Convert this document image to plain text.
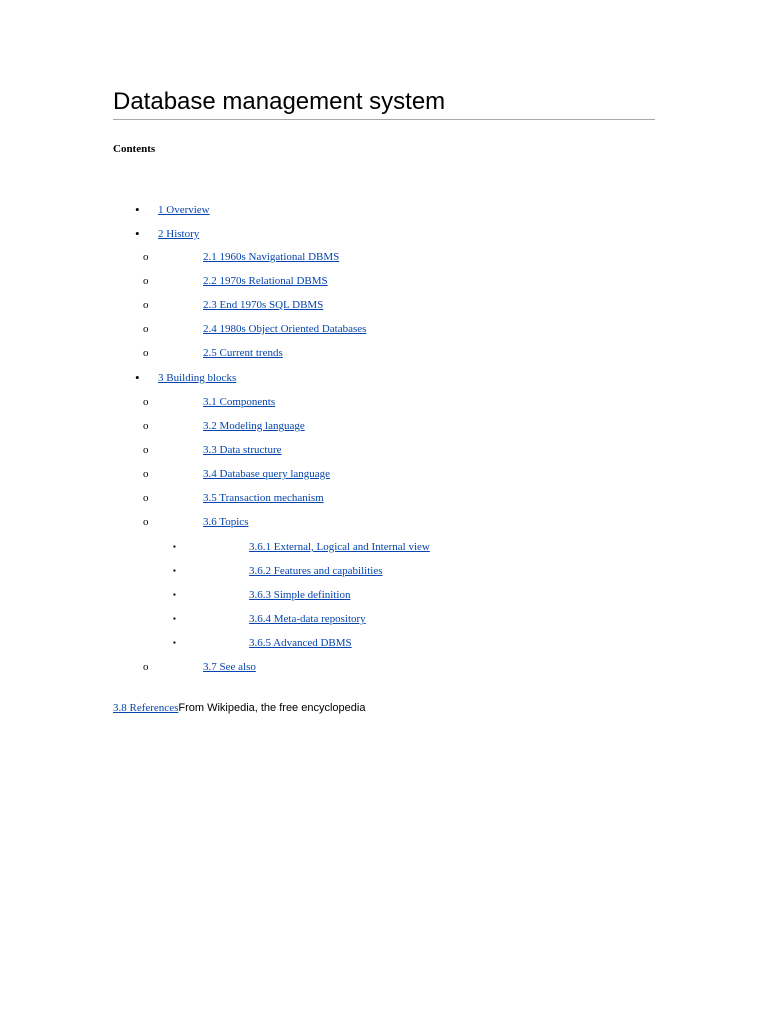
Database management system
Contents
• 1 Overview
• 2 History
o	2.1 1960s Navigational DBMS
o	2.2 1970s Relational DBMS
o	2.3 End 1970s SQL DBMS
o	2.4 1980s Object Oriented Databases
o	2.5 Current trends
• 3 Building blocks
o	3.1 Components
o	3.2 Modeling language
o	3.3 Data structure
o	3.4 Database query language
o	3.5 Transaction mechanism
o	3.6 Topics
▪	3.6.1 External, Logical and Internal view
▪	3.6.2 Features and capabilities
▪	3.6.3 Simple definition
▪	3.6.4 Meta-data repository
▪	3.6.5 Advanced DBMS
o	3.7 See also
3.8 ReferencesFrom Wikipedia, the free encyclopedia
